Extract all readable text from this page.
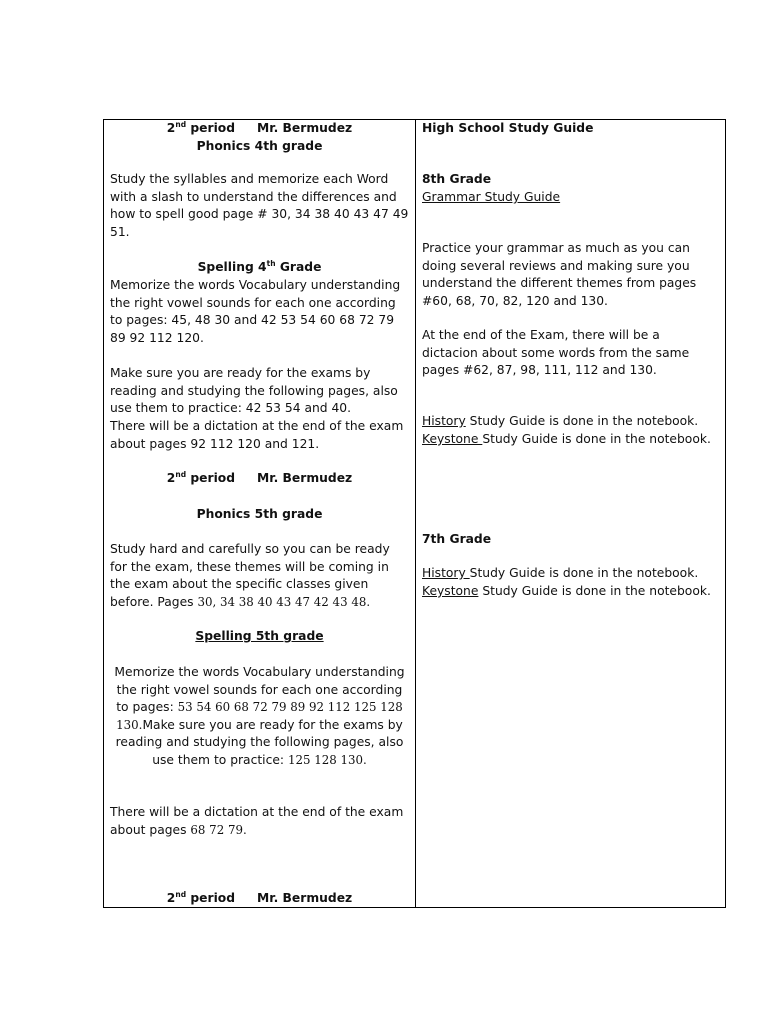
2nd period Mr. Bermudez

Phonics 4th grade

Study the syllables and memorize each Word with a slash to understand the differences and how to spell good page # 30, 34 38 40 43 47 49 51.

Spelling 4th Grade

Memorize the words Vocabulary understanding the right vowel sounds for each one according to pages: 45, 48 30 and 42 53 54 60 68 72 79 89 92 112 120.

Make sure you are ready for the exams by reading and studying the following pages, also use them to practice: 42 53 54 and 40.

There will be a dictation at the end of the exam about pages 92 112 120 and 121.

2nd period Mr. Bermudez

Phonics 5th grade

Study hard and carefully so you can be ready for the exam, these themes will be coming in the exam about the specific classes given before. Pages 30, 34 38 40 43 47 42 43 48.

Spelling 5th grade

Memorize the words Vocabulary understanding the right vowel sounds for each one according to pages: 53 54 60 68 72 79 89 92 112 125 128 130.Make sure you are ready for the exams by reading and studying the following pages, also use them to practice: 125 128 130.

There will be a dictation at the end of the exam about pages 68 72 79.

2nd period Mr. Bermudez

High School Study Guide

8th Grade

Grammar Study Guide

Practice your grammar as much as you can doing several reviews and making sure you understand the different themes from pages #60, 68, 70, 82, 120 and 130.

At the end of the Exam, there will be a dictacion about some words from the same pages #62, 87, 98, 111, 112 and 130.

History Study Guide is done in the notebook.

Keystone Study Guide is done in the notebook.

7th Grade

History Study Guide is done in the notebook.

Keystone Study Guide is done in the notebook.
